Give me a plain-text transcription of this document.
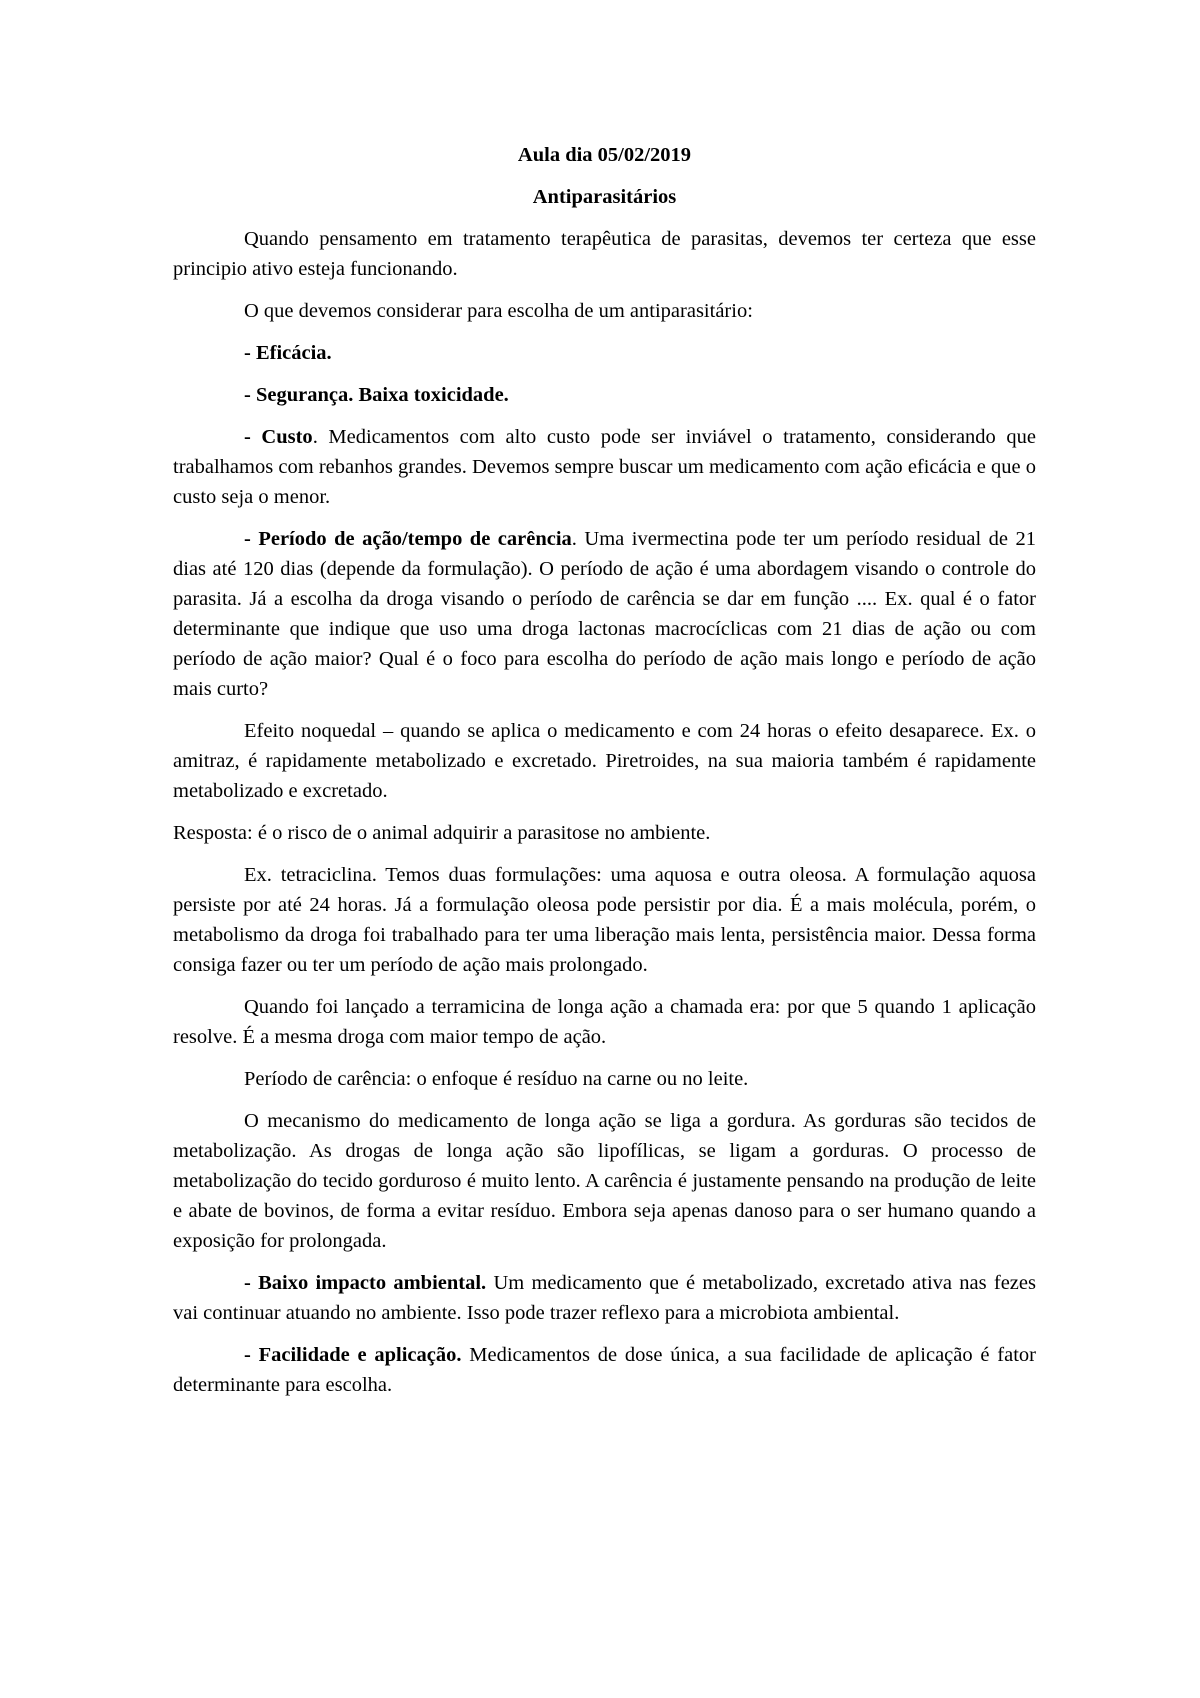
Aula dia 05/02/2019
Antiparasitários

Quando pensamento em tratamento terapêutica de parasitas, devemos ter certeza que esse principio ativo esteja funcionando.

O que devemos considerar para escolha de um antiparasitário:

- Eficácia.

- Segurança. Baixa toxicidade.

- Custo. Medicamentos com alto custo pode ser inviável o tratamento, considerando que trabalhamos com rebanhos grandes. Devemos sempre buscar um medicamento com ação eficácia e que o custo seja o menor.

- Período de ação/tempo de carência. Uma ivermectina pode ter um período residual de 21 dias até 120 dias (depende da formulação). O período de ação é uma abordagem visando o controle do parasita. Já a escolha da droga visando o período de carência se dar em função .... Ex. qual é o fator determinante que indique que uso uma droga lactonas macrocíclicas com 21 dias de ação ou com período de ação maior? Qual é o foco para escolha do período de ação mais longo e período de ação mais curto?

Efeito noquedal – quando se aplica o medicamento e com 24 horas o efeito desaparece. Ex. o amitraz, é rapidamente metabolizado e excretado. Piretroides, na sua maioria também é rapidamente metabolizado e excretado.

Resposta: é o risco de o animal adquirir a parasitose no ambiente.

Ex. tetraciclina. Temos duas formulações: uma aquosa e outra oleosa. A formulação aquosa persiste por até 24 horas. Já a formulação oleosa pode persistir por dia. É a mais molécula, porém, o metabolismo da droga foi trabalhado para ter uma liberação mais lenta, persistência maior. Dessa forma consiga fazer ou ter um período de ação mais prolongado.

Quando foi lançado a terramicina de longa ação a chamada era: por que 5 quando 1 aplicação resolve. É a mesma droga com maior tempo de ação.

Período de carência: o enfoque é resíduo na carne ou no leite.

O mecanismo do medicamento de longa ação se liga a gordura. As gorduras são tecidos de metabolização. As drogas de longa ação são lipofílicas, se ligam a gorduras. O processo de metabolização do tecido gorduroso é muito lento. A carência é justamente pensando na produção de leite e abate de bovinos, de forma a evitar resíduo. Embora seja apenas danoso para o ser humano quando a exposição for prolongada.

- Baixo impacto ambiental. Um medicamento que é metabolizado, excretado ativa nas fezes vai continuar atuando no ambiente. Isso pode trazer reflexo para a microbiota ambiental.

- Facilidade e aplicação. Medicamentos de dose única, a sua facilidade de aplicação é fator determinante para escolha.
